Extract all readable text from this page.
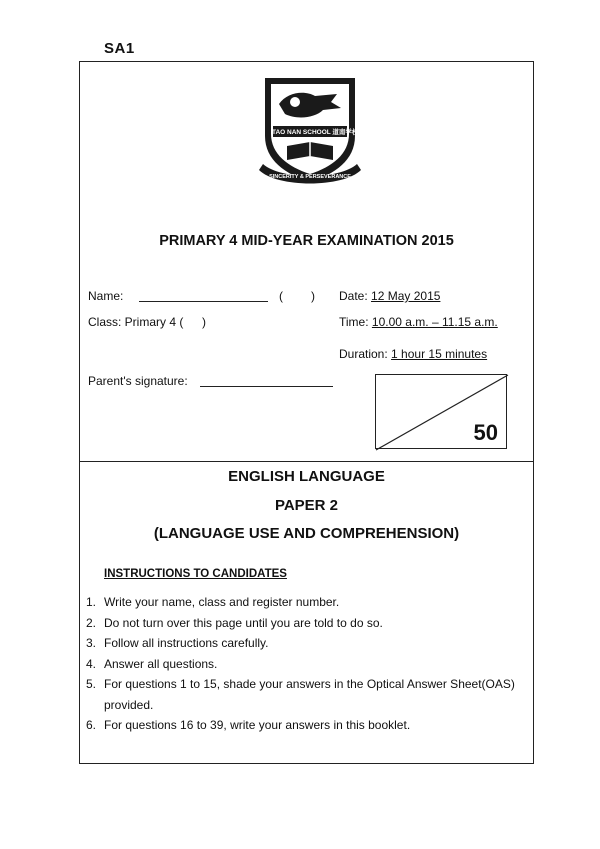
SA1
TAO NAN SCHOOL 道南学校
SINCERITY & PERSEVERANCE
PRIMARY 4 MID-YEAR EXAMINATION 2015
Name:	( )
Class: Primary 4 ( )
Parent's signature:
Date: 12 May 2015
Time: 10.00 a.m. – 11.15 a.m.
Duration: 1 hour 15 minutes
50
ENGLISH LANGUAGE
PAPER 2
(LANGUAGE USE AND COMPREHENSION)
INSTRUCTIONS TO CANDIDATES
1. Write your name, class and register number.
2. Do not turn over this page until you are told to do so.
3. Follow all instructions carefully.
4. Answer all questions.
5. For questions 1 to 15, shade your answers in the Optical Answer Sheet(OAS) provided.
6. For questions 16 to 39, write your answers in this booklet.
